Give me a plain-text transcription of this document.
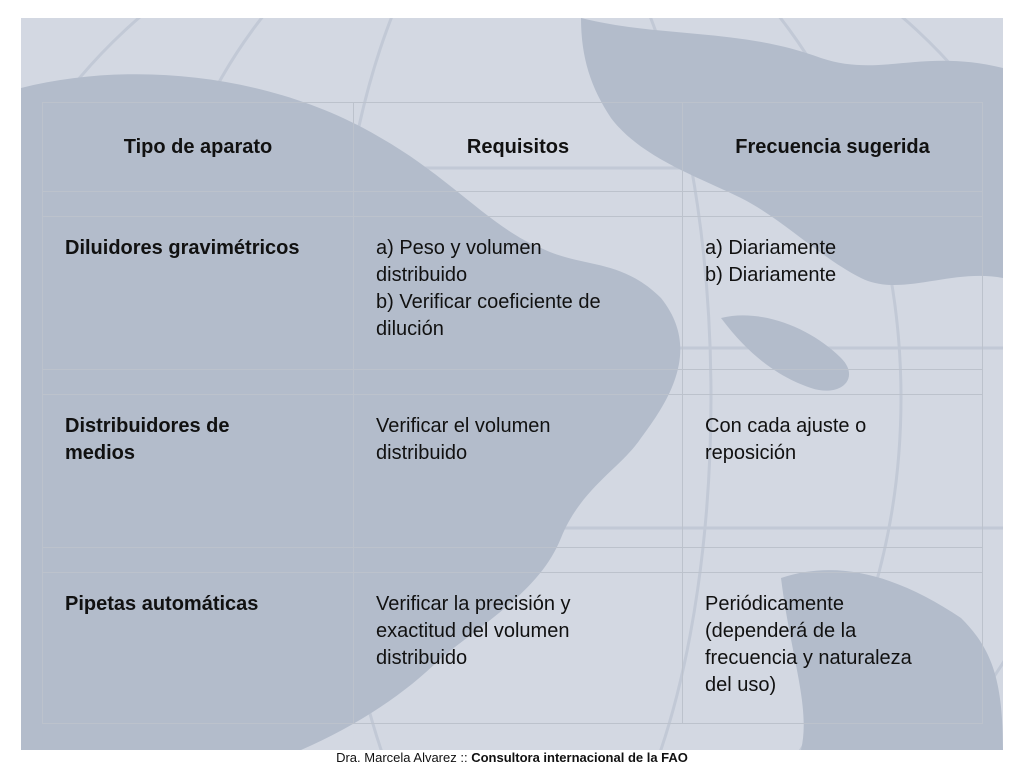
Tipo de aparato	Requisitos	Frecuencia sugerida

Diluidores gravimétricos	a) Peso y volumen
distribuido
b) Verificar coeficiente de
dilución	a) Diariamente
b) Diariamente

Distribuidores de
medios	Verificar el volumen
distribuido	Con cada ajuste o
reposición

Pipetas automáticas	Verificar la precisión y
exactitud del volumen
distribuido	Periódicamente
(dependerá de la
frecuencia y naturaleza
del uso)
Dra. Marcela Alvarez :: Consultora internacional de la FAO
